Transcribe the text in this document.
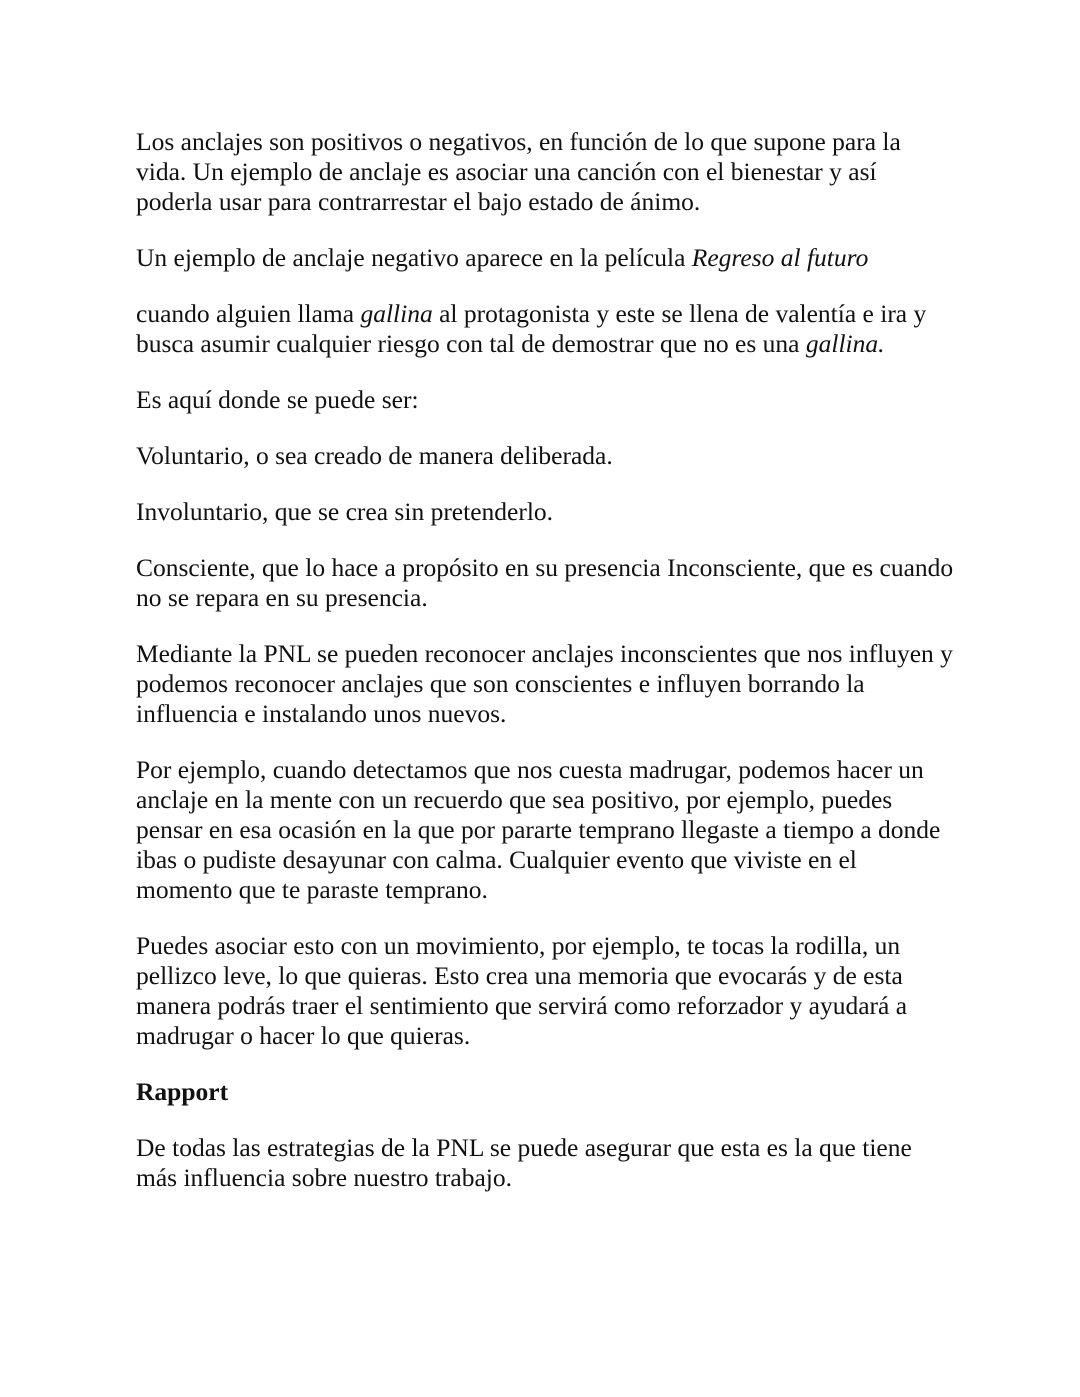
Los anclajes son positivos o negativos, en función de lo que supone para la vida. Un ejemplo de anclaje es asociar una canción con el bienestar y así poderla usar para contrarrestar el bajo estado de ánimo.

Un ejemplo de anclaje negativo aparece en la película Regreso al futuro

cuando alguien llama gallina al protagonista y este se llena de valentía e ira y busca asumir cualquier riesgo con tal de demostrar que no es una gallina.

Es aquí donde se puede ser:

Voluntario, o sea creado de manera deliberada.

Involuntario, que se crea sin pretenderlo.

Consciente, que lo hace a propósito en su presencia Inconsciente, que es cuando no se repara en su presencia.

Mediante la PNL se pueden reconocer anclajes inconscientes que nos influyen y podemos reconocer anclajes que son conscientes e influyen borrando la influencia e instalando unos nuevos.

Por ejemplo, cuando detectamos que nos cuesta madrugar, podemos hacer un anclaje en la mente con un recuerdo que sea positivo, por ejemplo, puedes pensar en esa ocasión en la que por pararte temprano llegaste a tiempo a donde ibas o pudiste desayunar con calma. Cualquier evento que viviste en el momento que te paraste temprano.

Puedes asociar esto con un movimiento, por ejemplo, te tocas la rodilla, un pellizco leve, lo que quieras. Esto crea una memoria que evocarás y de esta manera podrás traer el sentimiento que servirá como reforzador y ayudará a madrugar o hacer lo que quieras.

Rapport

De todas las estrategias de la PNL se puede asegurar que esta es la que tiene más influencia sobre nuestro trabajo.
